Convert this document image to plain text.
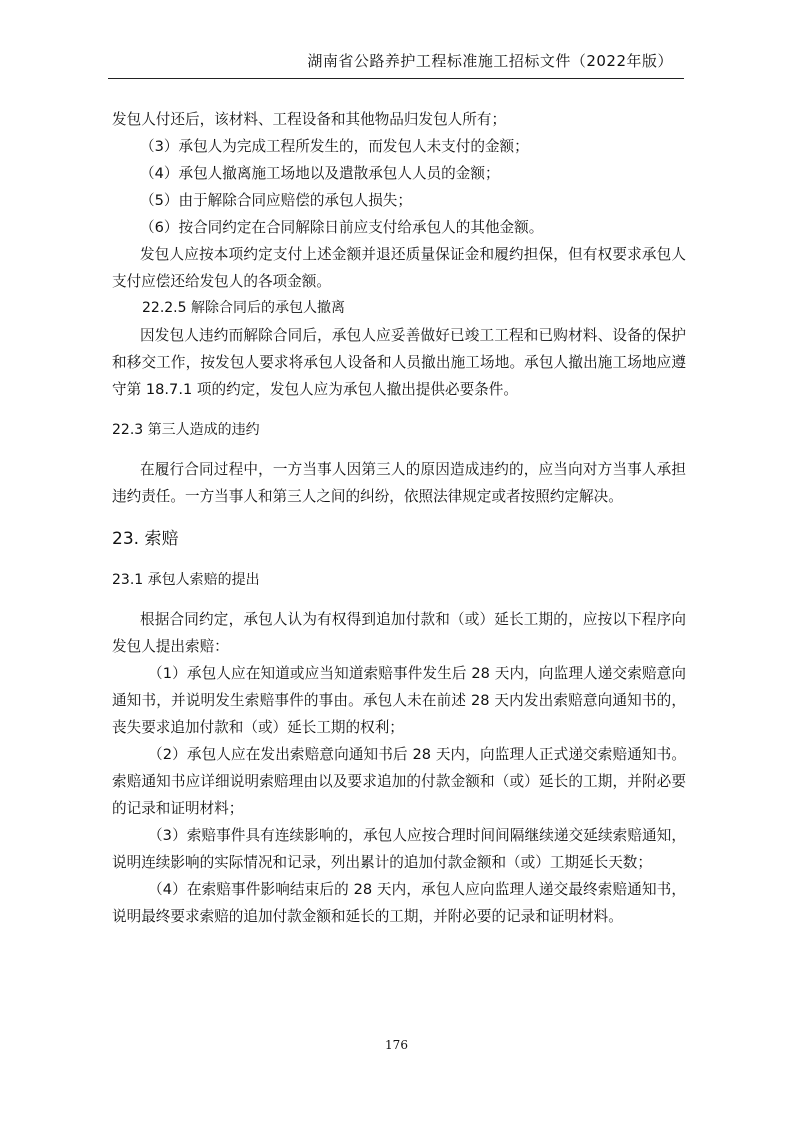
湖南省公路养护工程标准施工招标文件（2022年版）

发包人付还后，该材料、工程设备和其他物品归发包人所有；

（3）承包人为完成工程所发生的，而发包人未支付的金额；

（4）承包人撤离施工场地以及遣散承包人人员的金额；

（5）由于解除合同应赔偿的承包人损失；

（6）按合同约定在合同解除日前应支付给承包人的其他金额。

发包人应按本项约定支付上述金额并退还质量保证金和履约担保，但有权要求承包人支付应偿还给发包人的各项金额。

22.2.5 解除合同后的承包人撤离

因发包人违约而解除合同后，承包人应妥善做好已竣工工程和已购材料、设备的保护和移交工作，按发包人要求将承包人设备和人员撤出施工场地。承包人撤出施工场地应遵守第 18.7.1 项的约定，发包人应为承包人撤出提供必要条件。

22.3 第三人造成的违约

在履行合同过程中，一方当事人因第三人的原因造成违约的，应当向对方当事人承担违约责任。一方当事人和第三人之间的纠纷，依照法律规定或者按照约定解决。

23. 索赔
23.1 承包人索赔的提出

根据合同约定，承包人认为有权得到追加付款和（或）延长工期的，应按以下程序向发包人提出索赔：

（1）承包人应在知道或应当知道索赔事件发生后 28 天内，向监理人递交索赔意向通知书，并说明发生索赔事件的事由。承包人未在前述 28 天内发出索赔意向通知书的，丧失要求追加付款和（或）延长工期的权利；

（2）承包人应在发出索赔意向通知书后 28 天内，向监理人正式递交索赔通知书。索赔通知书应详细说明索赔理由以及要求追加的付款金额和（或）延长的工期，并附必要的记录和证明材料；

（3）索赔事件具有连续影响的，承包人应按合理时间间隔继续递交延续索赔通知，说明连续影响的实际情况和记录，列出累计的追加付款金额和（或）工期延长天数；

（4）在索赔事件影响结束后的 28 天内，承包人应向监理人递交最终索赔通知书，说明最终要求索赔的追加付款金额和延长的工期，并附必要的记录和证明材料。

176
